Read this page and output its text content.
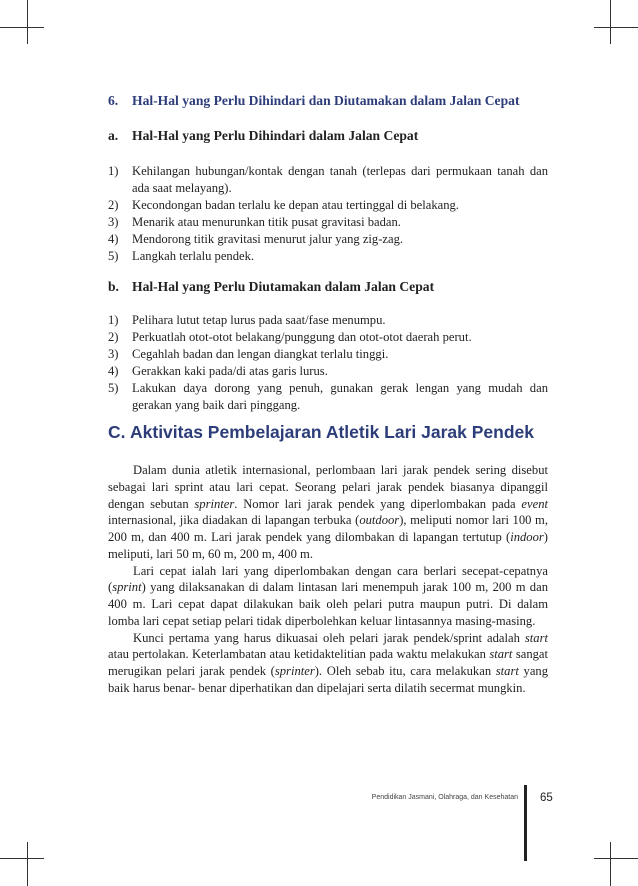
6. Hal-Hal yang Perlu Dihindari dan Diutamakan dalam Jalan Cepat
a. Hal-Hal yang Perlu Dihindari dalam Jalan Cepat
1) Kehilangan hubungan/kontak dengan tanah (terlepas dari permukaan tanah dan ada saat melayang).
2) Kecondongan badan terlalu ke depan atau tertinggal di belakang.
3) Menarik atau menurunkan titik pusat gravitasi badan.
4) Mendorong titik gravitasi menurut jalur yang zig-zag.
5) Langkah terlalu pendek.
b. Hal-Hal yang Perlu Diutamakan dalam Jalan Cepat
1) Pelihara lutut tetap lurus pada saat/fase menumpu.
2) Perkuatlah otot-otot belakang/punggung dan otot-otot daerah perut.
3) Cegahlah badan dan lengan diangkat terlalu tinggi.
4) Gerakkan kaki pada/di atas garis lurus.
5) Lakukan daya dorong yang penuh, gunakan gerak lengan yang mudah dan gerakan yang baik dari pinggang.
C. Aktivitas Pembelajaran Atletik Lari Jarak Pendek

Dalam dunia atletik internasional, perlombaan lari jarak pendek sering disebut sebagai lari sprint atau lari cepat. Seorang pelari jarak pendek biasanya dipanggil dengan sebutan sprinter. Nomor lari jarak pendek yang diperlombakan pada event internasional, jika diadakan di lapangan terbuka (outdoor), meliputi nomor lari 100 m, 200 m, dan 400 m. Lari jarak pendek yang dilombakan di lapangan tertutup (indoor) meliputi, lari 50 m, 60 m, 200 m, 400 m.

Lari cepat ialah lari yang diperlombakan dengan cara berlari secepat-cepatnya (sprint) yang dilaksanakan di dalam lintasan lari menempuh jarak 100 m, 200 m dan 400 m. Lari cepat dapat dilakukan baik oleh pelari putra maupun putri. Di dalam lomba lari cepat setiap pelari tidak diperbolehkan keluar lintasannya masing-masing.

Kunci pertama yang harus dikuasai oleh pelari jarak pendek/sprint adalah start atau pertolakan. Keterlambatan atau ketidaktelitian pada waktu melakukan start sangat merugikan pelari jarak pendek (sprinter). Oleh sebab itu, cara melakukan start yang baik harus benar- benar diperhatikan dan dipelajari serta dilatih secermat mungkin.

Pendidikan Jasmani, Olahraga, dan Kesehatan 65
